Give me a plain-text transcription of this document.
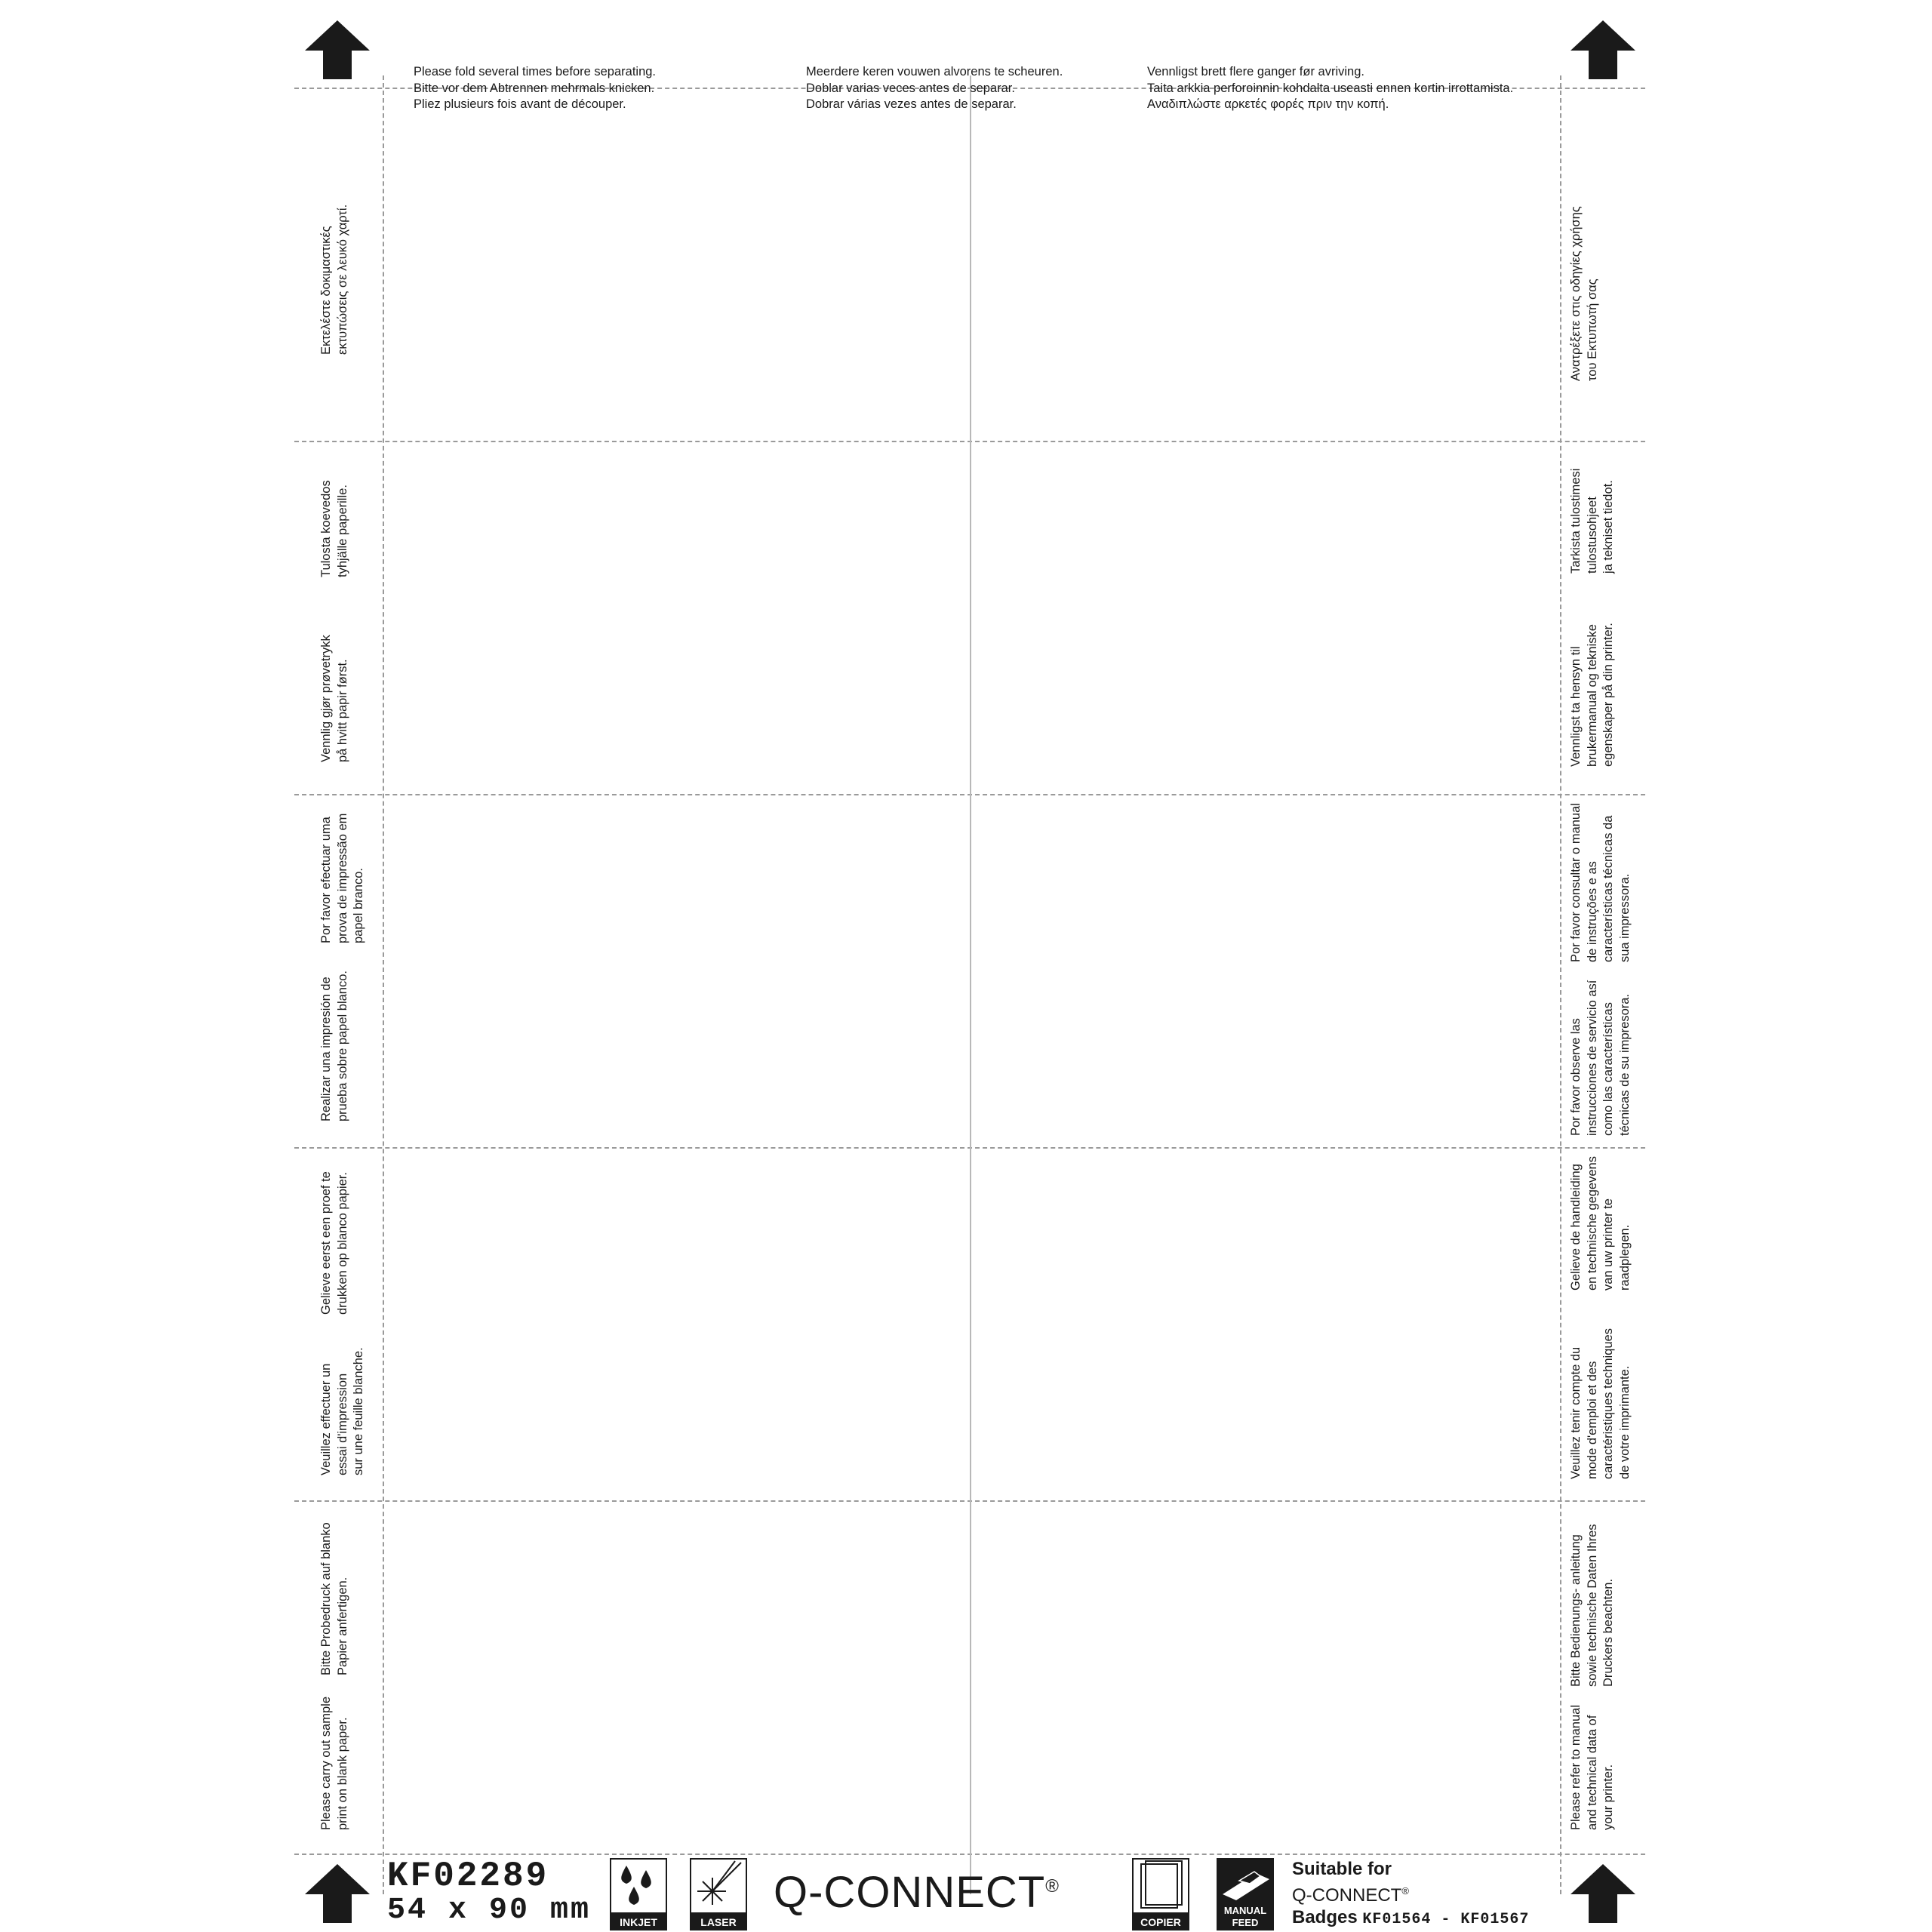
Please fold several times before separating.
Bitte vor dem Abtrennen mehrmals knicken.
Pliez plusieurs fois avant de découper.

Meerdere keren vouwen alvorens te scheuren.
Doblar varias veces antes de separar.
Dobrar várias vezes antes de separar.

Vennligst brett flere ganger før avriving.
Taita arkkia perforoinnin kohdalta useasti ennen kortin irrottamista.
Αναδιπλώστε αρκετές φορές πριν την κοπή.

Εκτελέστε δοκιμαστικές εκτυπώσεις σε λευκό χαρτί.
Tulosta koevedos tyhjälle paperille.
Vennlig gjør prøvetrykk på hvitt papir først.
Por favor efectuar uma prova de impressão em papel branco.
Realizar una impresión de prueba sobre papel blanco.
Gelieve eerst een proef te drukken op blanco papier.
Veuillez effectuer un essai d'impression sur une feuille blanche.
Bitte Probedruck auf blanko Papier anfertigen.
Please carry out sample print on blank paper.
Ανατρέξετε στις οδηγίες χρήσης του Εκτυπωτή σας
Tarkista tulostimesi tulostusohjeet ja tekniset tiedot.
Vennligst ta hensyn til brukermanual og tekniske egenskaper på din printer.
Por favor consultar o manual de instruções e as características técnicas da sua impressora.
Por favor observe las instrucciones de servicio así como las características técnicas de su impresora.
Gelieve de handleiding en technische gegevens van uw printer te raadplegen.
Veuillez tenir compte du mode d'emploi et des caractéristiques techniques de votre imprimante.
Bitte Bedienungs- anleitung sowie technische Daten Ihres Druckers beachten.
Please refer to manual and technical data of your printer.
KF02289
54 x 90 mm	INKJET	LASER
Q-CONNECT®
COPIER
MANUAL FEED
Suitable for
Q-CONNECT®
Badges KF01564 - KF01567
